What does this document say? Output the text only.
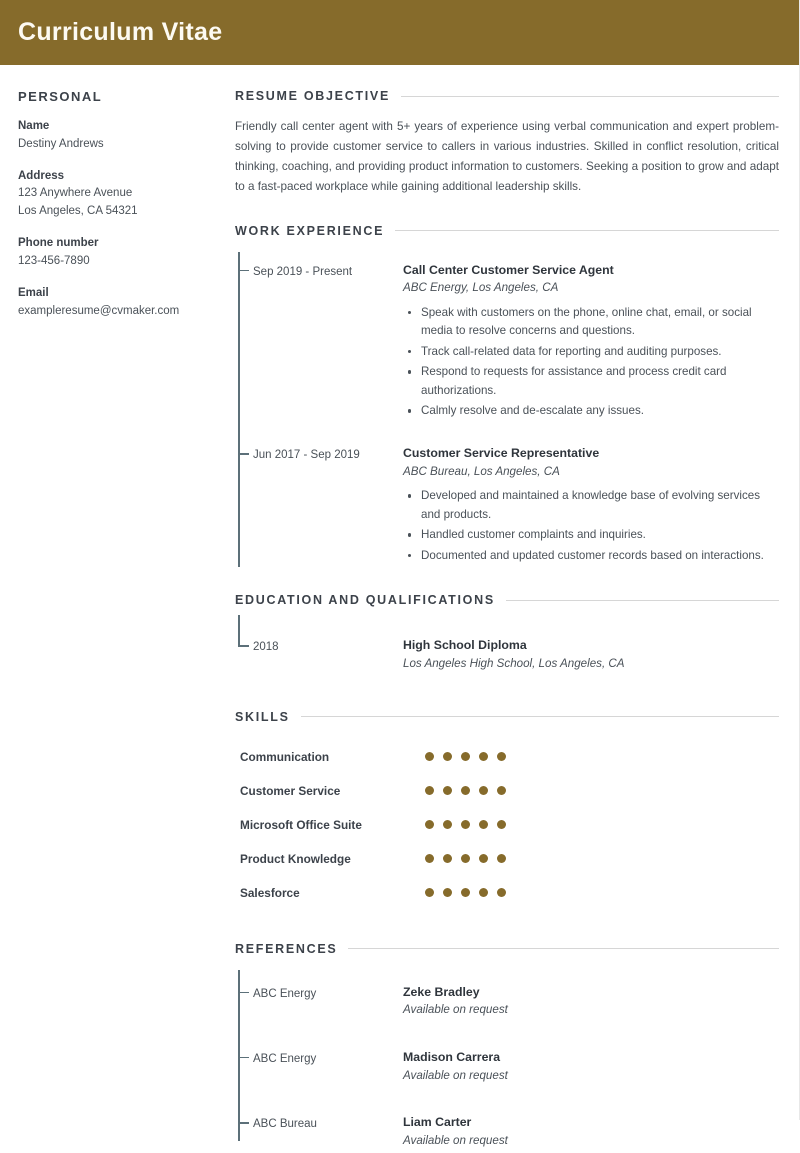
Curriculum Vitae
PERSONAL
Name
Destiny Andrews
Address
123 Anywhere Avenue
Los Angeles, CA 54321
Phone number
123-456-7890
Email
exampleresume@cvmaker.com
RESUME OBJECTIVE

Friendly call center agent with 5+ years of experience using verbal communication and expert problem-solving to provide customer service to callers in various industries. Skilled in conflict resolution, critical thinking, coaching, and providing product information to customers. Seeking a position to grow and adapt to a fast-paced workplace while gaining additional leadership skills.

WORK EXPERIENCE
Sep 2019 - Present	Call Center Customer Service Agent
ABC Energy, Los Angeles, CA
Speak with customers on the phone, online chat, email, or social media to resolve concerns and questions.
Track call-related data for reporting and auditing purposes.
Respond to requests for assistance and process credit card authorizations.
Calmly resolve and de-escalate any issues.
Jun 2017 - Sep 2019	Customer Service Representative
ABC Bureau, Los Angeles, CA
Developed and maintained a knowledge base of evolving services and products.
Handled customer complaints and inquiries.
Documented and updated customer records based on interactions.
EDUCATION AND QUALIFICATIONS
2018	High School Diploma
Los Angeles High School, Los Angeles, CA
SKILLS
Communication
Customer Service
Microsoft Office Suite
Product Knowledge
Salesforce
REFERENCES
ABC Energy	Zeke Bradley
Available on request
ABC Energy	Madison Carrera
Available on request
ABC Bureau	Liam Carter
Available on request
